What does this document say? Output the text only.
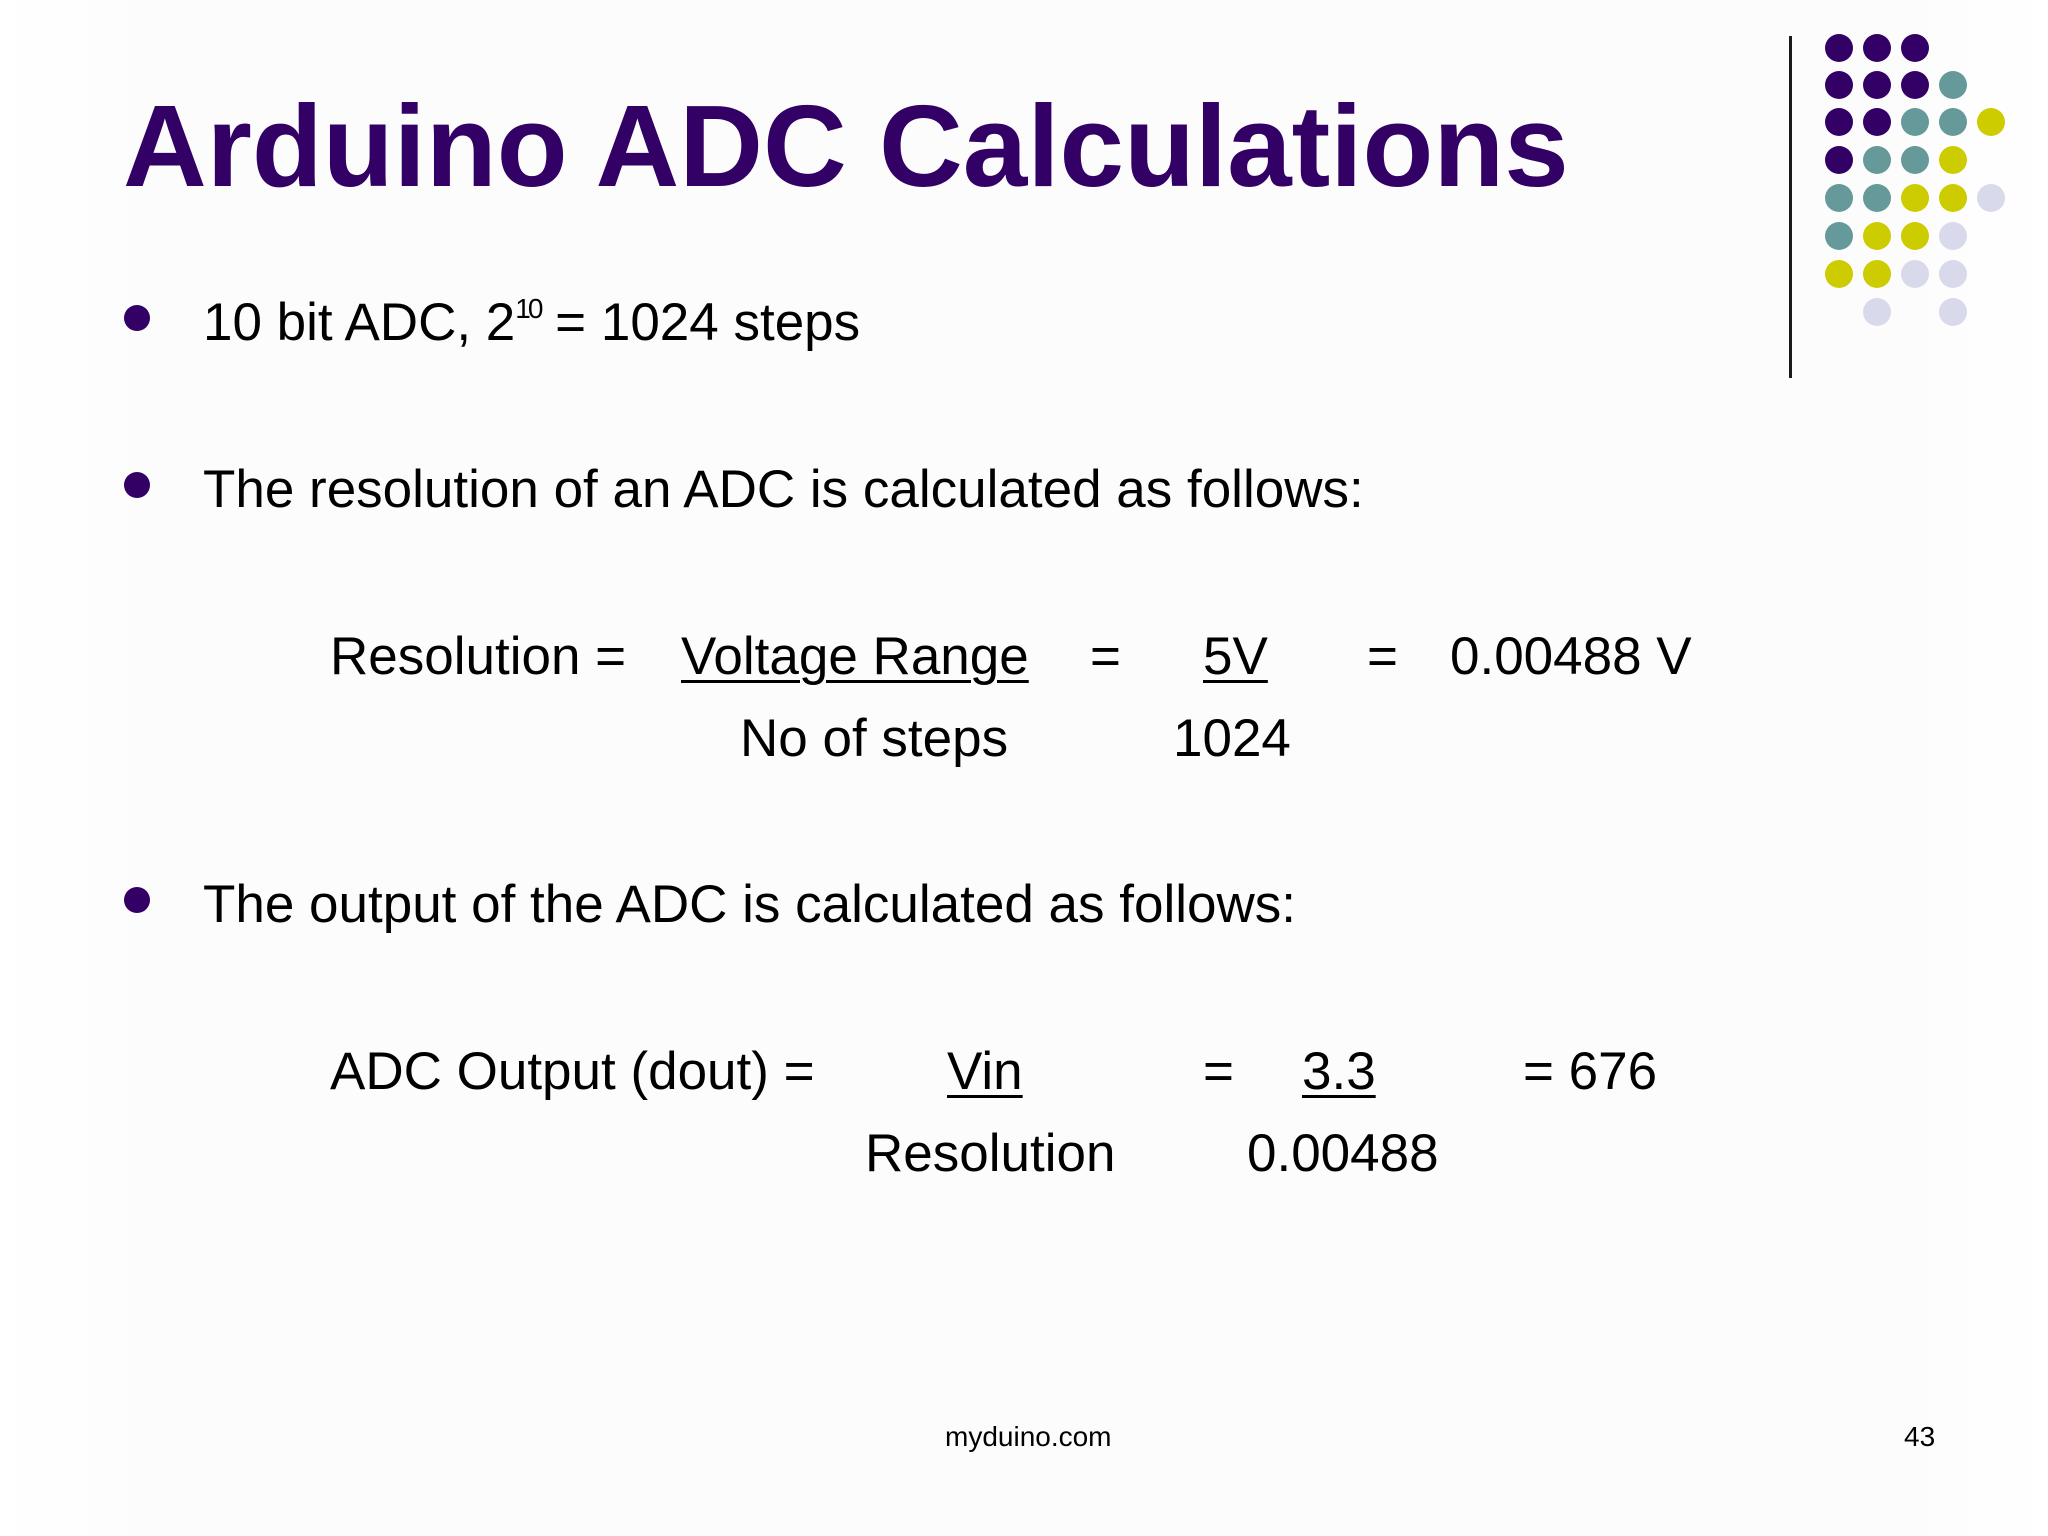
Arduino ADC Calculations
10 bit ADC, $2^{10} = 1024$ steps
The resolution of an ADC is calculated as follows:
Resolution = Voltage Range = 5V = 0.00488 V
No of steps	1024
The output of the ADC is calculated as follows:
ADC Output (dout) = Vin	= 3.3	= 676
Resolution 0.00488
myduino.com	43
